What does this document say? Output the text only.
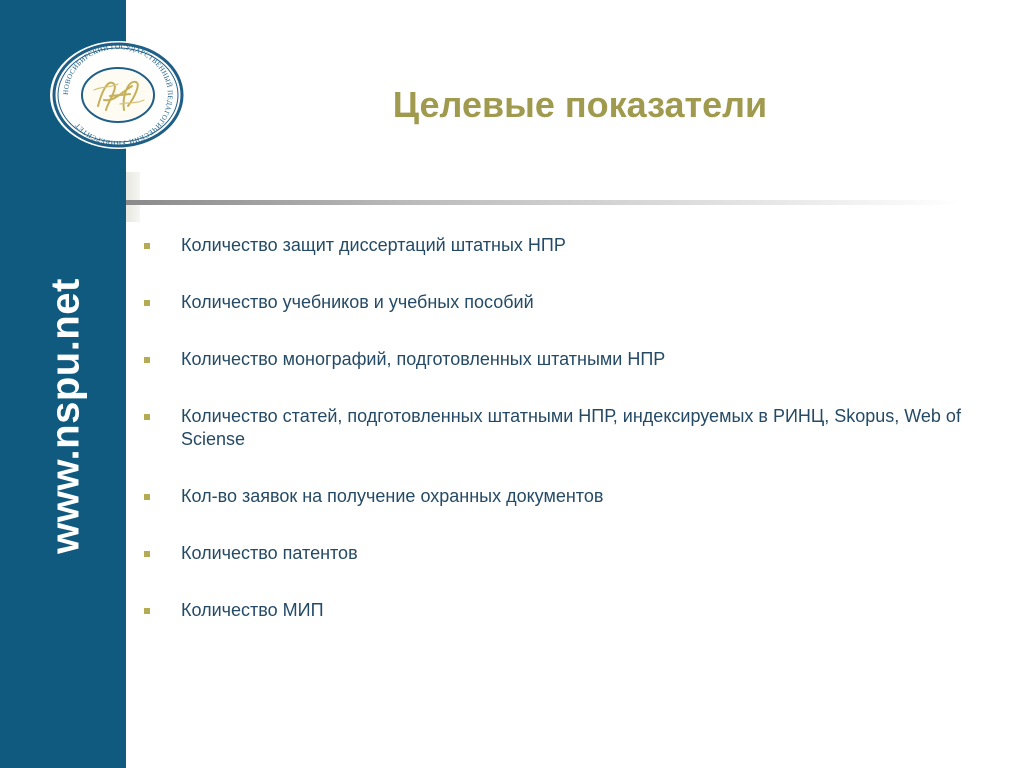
www.nspu.net
НОВОСИБИРСКИЙ ГОСУДАРСТВЕННЫЙ ПЕДАГОГИЧЕСКИЙ УНИВЕРСИТЕТ
Целевые показатели
Количество защит диссертаций штатных НПР
Количество учебников и учебных пособий
Количество монографий, подготовленных штатными НПР
Количество статей, подготовленных штатными НПР, индексируемых в РИНЦ, Skopus, Web of Sciense
Кол-во заявок на получение охранных документов
Количество патентов
Количество МИП
